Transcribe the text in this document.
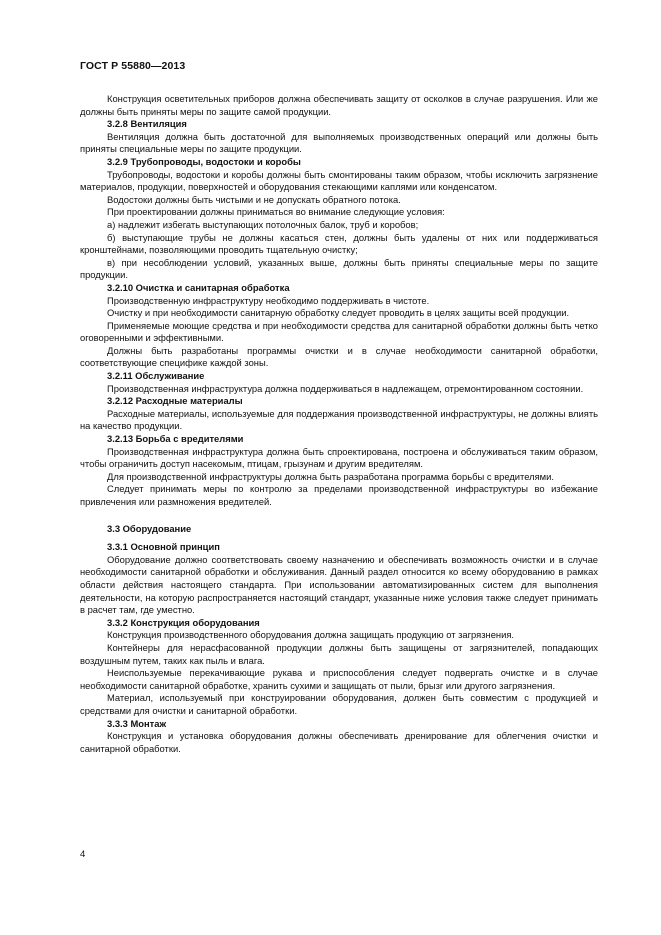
ГОСТ Р 55880—2013

Конструкция осветительных приборов должна обеспечивать защиту от осколков в случае разрушения. Или же должны быть приняты меры по защите самой продукции.

3.2.8 Вентиляция

Вентиляция должна быть достаточной для выполняемых производственных операций или должны быть приняты специальные меры по защите продукции.

3.2.9 Трубопроводы, водостоки и коробы

Трубопроводы, водостоки и коробы должны быть смонтированы таким образом, чтобы исключить загрязнение материалов, продукции, поверхностей и оборудования стекающими каплями или конденсатом.

Водостоки должны быть чистыми и не допускать обратного потока.

При проектировании должны приниматься во внимание следующие условия:

а) надлежит избегать выступающих потолочных балок, труб и коробов;

б) выступающие трубы не должны касаться стен, должны быть удалены от них или поддерживаться кронштейнами, позволяющими проводить тщательную очистку;

в) при несоблюдении условий, указанных выше, должны быть приняты специальные меры по защите продукции.

3.2.10 Очистка и санитарная обработка

Производственную инфраструктуру необходимо поддерживать в чистоте.

Очистку и при необходимости санитарную обработку следует проводить в целях защиты всей продукции.

Применяемые моющие средства и при необходимости средства для санитарной обработки должны быть четко оговоренными и эффективными.

Должны быть разработаны программы очистки и в случае необходимости санитарной обработки, соответствующие специфике каждой зоны.

3.2.11 Обслуживание

Производственная инфраструктура должна поддерживаться в надлежащем, отремонтированном состоянии.

3.2.12 Расходные материалы

Расходные материалы, используемые для поддержания производственной инфраструктуры, не должны влиять на качество продукции.

3.2.13 Борьба с вредителями

Производственная инфраструктура должна быть спроектирована, построена и обслуживаться таким образом, чтобы ограничить доступ насекомым, птицам, грызунам и другим вредителям.

Для производственной инфраструктуры должна быть разработана программа борьбы с вредителями.

Следует принимать меры по контролю за пределами производственной инфраструктуры во избежание привлечения или размножения вредителей.

3.3 Оборудование

3.3.1 Основной принцип

Оборудование должно соответствовать своему назначению и обеспечивать возможность очистки и в случае необходимости санитарной обработки и обслуживания. Данный раздел относится ко всему оборудованию в рамках области действия настоящего стандарта. При использовании автоматизированных систем для выполнения деятельности, на которую распространяется настоящий стандарт, указанные ниже условия также следует принимать в расчет там, где уместно.

3.3.2 Конструкция оборудования

Конструкция производственного оборудования должна защищать продукцию от загрязнения.

Контейнеры для нерасфасованной продукции должны быть защищены от загрязнителей, попадающих воздушным путем, таких как пыль и влага.

Неиспользуемые перекачивающие рукава и приспособления следует подвергать очистке и в случае необходимости санитарной обработке, хранить сухими и защищать от пыли, брызг или другого загрязнения.

Материал, используемый при конструировании оборудования, должен быть совместим с продукцией и средствами для очистки и санитарной обработки.

3.3.3 Монтаж

Конструкция и установка оборудования должны обеспечивать дренирование для облегчения очистки и санитарной обработки.

4
